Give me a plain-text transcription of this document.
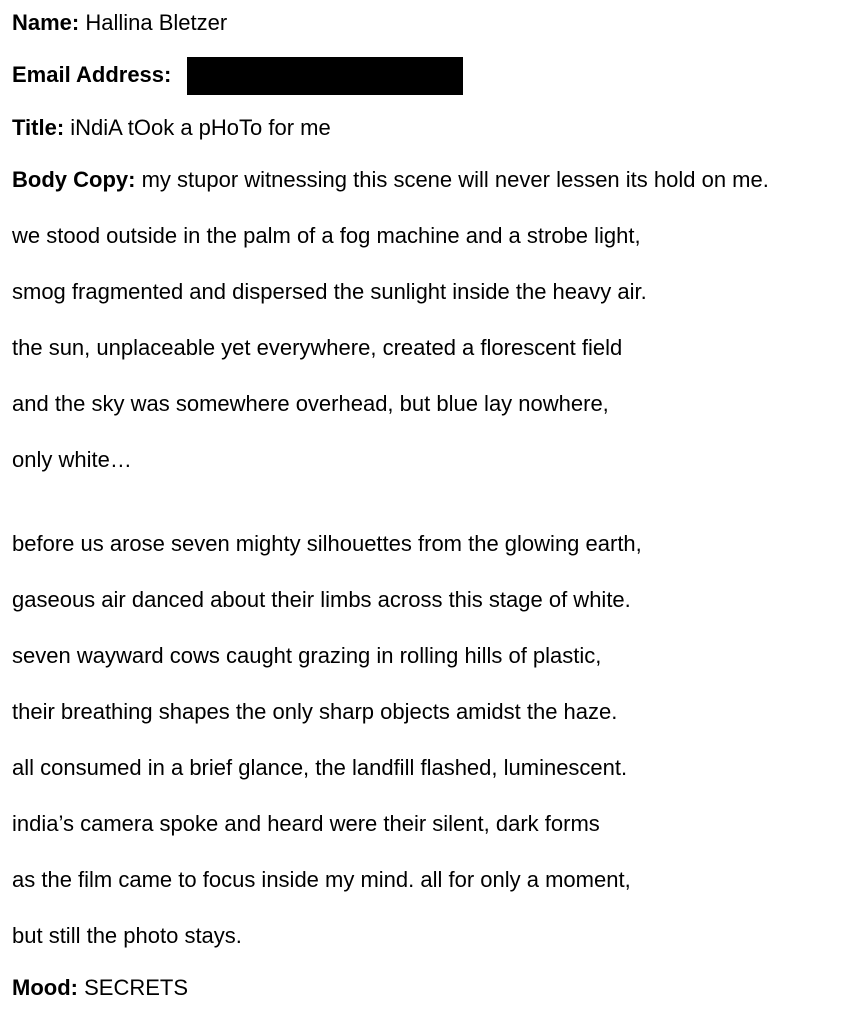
Name: Hallina Bletzer
Email Address:
Title: iNdiA tOok a pHoTo for me
Body Copy: my stupor witnessing this scene will never lessen its hold on me.
we stood outside in the palm of a fog machine and a strobe light,
smog fragmented and dispersed the sunlight inside the heavy air.
the sun, unplaceable yet everywhere, created a florescent field
and the sky was somewhere overhead, but blue lay nowhere,
only white…
before us arose seven mighty silhouettes from the glowing earth,
gaseous air danced about their limbs across this stage of white.
seven wayward cows caught grazing in rolling hills of plastic,
their breathing shapes the only sharp objects amidst the haze.
all consumed in a brief glance, the landfill flashed, luminescent.
india’s camera spoke and heard were their silent, dark forms
as the film came to focus inside my mind. all for only a moment,
but still the photo stays.
Mood: SECRETS
